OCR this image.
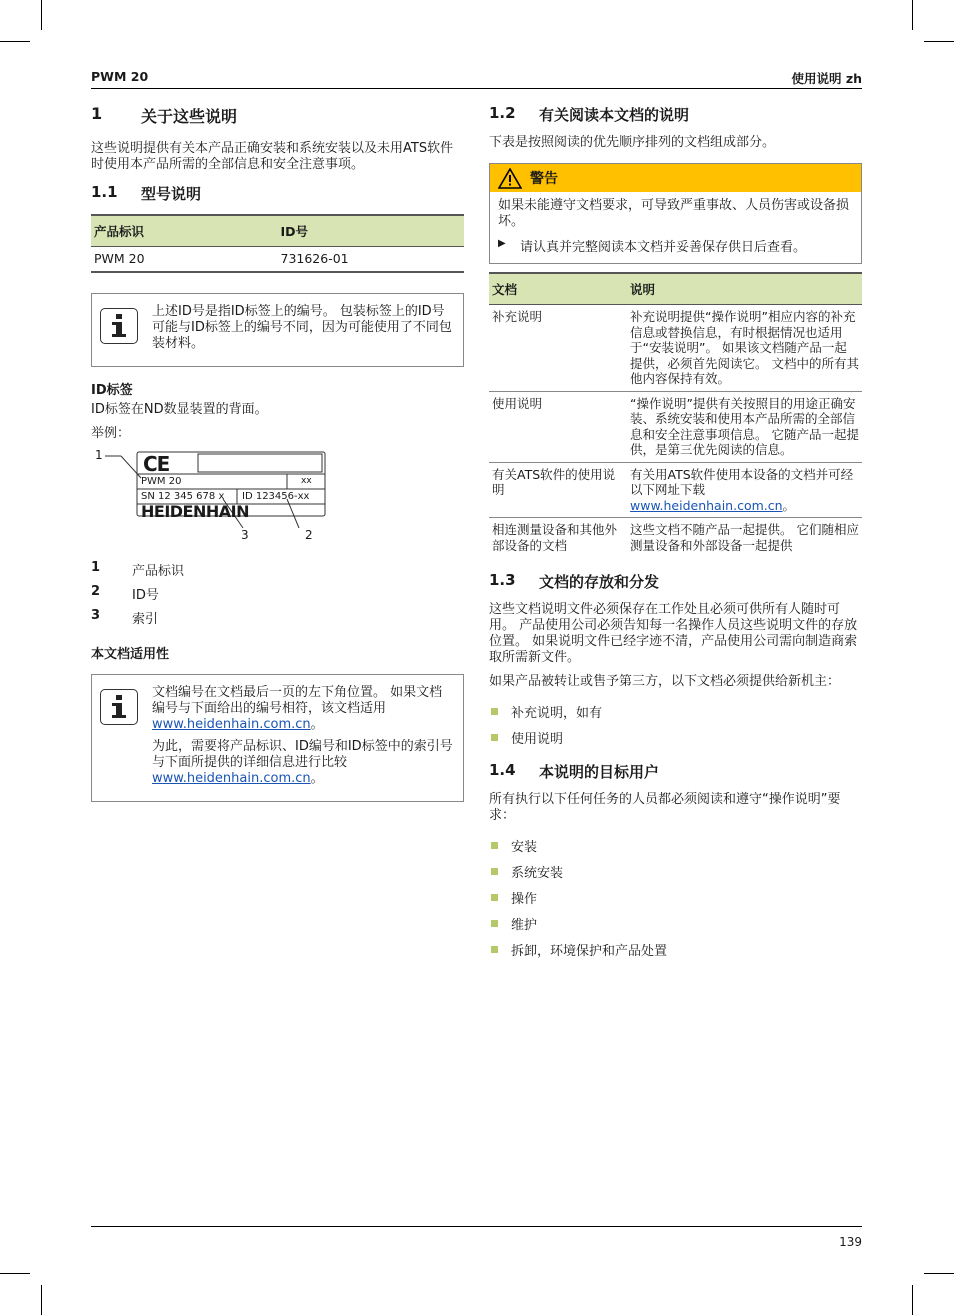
PWM 20	使用说明 zh
1	关于这些说明

这些说明提供有关本产品正确安装和系统安装以及未用ATS软件时使用本产品所需的全部信息和安全注意事项。

1.1	型号说明
产品标识	ID号
PWM 20	731626-01

上述ID号是指ID标签上的编号。 包装标签上的ID号可能与ID标签上的编号不同，因为可能使用了不同包装材料。

ID标签

ID标签在ND数显装置的背面。

举例：

CE
PWM 20	xx
SN 12 345 678 x ID 123456-xx
HEIDENHAIN
1
3	2
1	产品标识
2	ID号
3	索引
本文档适用性

文档编号在文档最后一页的左下角位置。 如果文档编号与下面给出的编号相符，该文档适用
www.heidenhain.com.cn。

为此，需要将产品标识、ID编号和ID标签中的索引号与下面所提供的详细信息进行比较
www.heidenhain.com.cn。

1.2	有关阅读本文档的说明

下表是按照阅读的优先顺序排列的文档组成部分。

警告

如果未能遵守文档要求，可导致严重事故、人员伤害或设备损坏。

▶	请认真并完整阅读本文档并妥善保存供日后查看。
文档	说明
补充说明	补充说明提供“操作说明”相应内容的补充信息或替换信息，有时根据情况也适用于“安装说明”。 如果该文档随产品一起提供，必须首先阅读它。 文档中的所有其他内容保持有效。
使用说明	“操作说明”提供有关按照目的用途正确安装、系统安装和使用本产品所需的全部信息和安全注意事项信息。 它随产品一起提供，是第三优先阅读的信息。
有关ATS软件的使用说明	有关用ATS软件使用本设备的文档并可经以下网址下载
www.heidenhain.com.cn。
相连测量设备和其他外部设备的文档	这些文档不随产品一起提供。 它们随相应测量设备和外部设备一起提供
1.3	文档的存放和分发

这些文档说明文件必须保存在工作处且必须可供所有人随时可用。 产品使用公司必须告知每一名操作人员这些说明文件的存放位置。 如果说明文件已经字迹不清，产品使用公司需向制造商索取所需新文件。

如果产品被转让或售予第三方，以下文档必须提供给新机主：

补充说明，如有
使用说明
1.4	本说明的目标用户

所有执行以下任何任务的人员都必须阅读和遵守“操作说明”要求：

安装
系统安装
操作
维护
拆卸，环境保护和产品处置
139
